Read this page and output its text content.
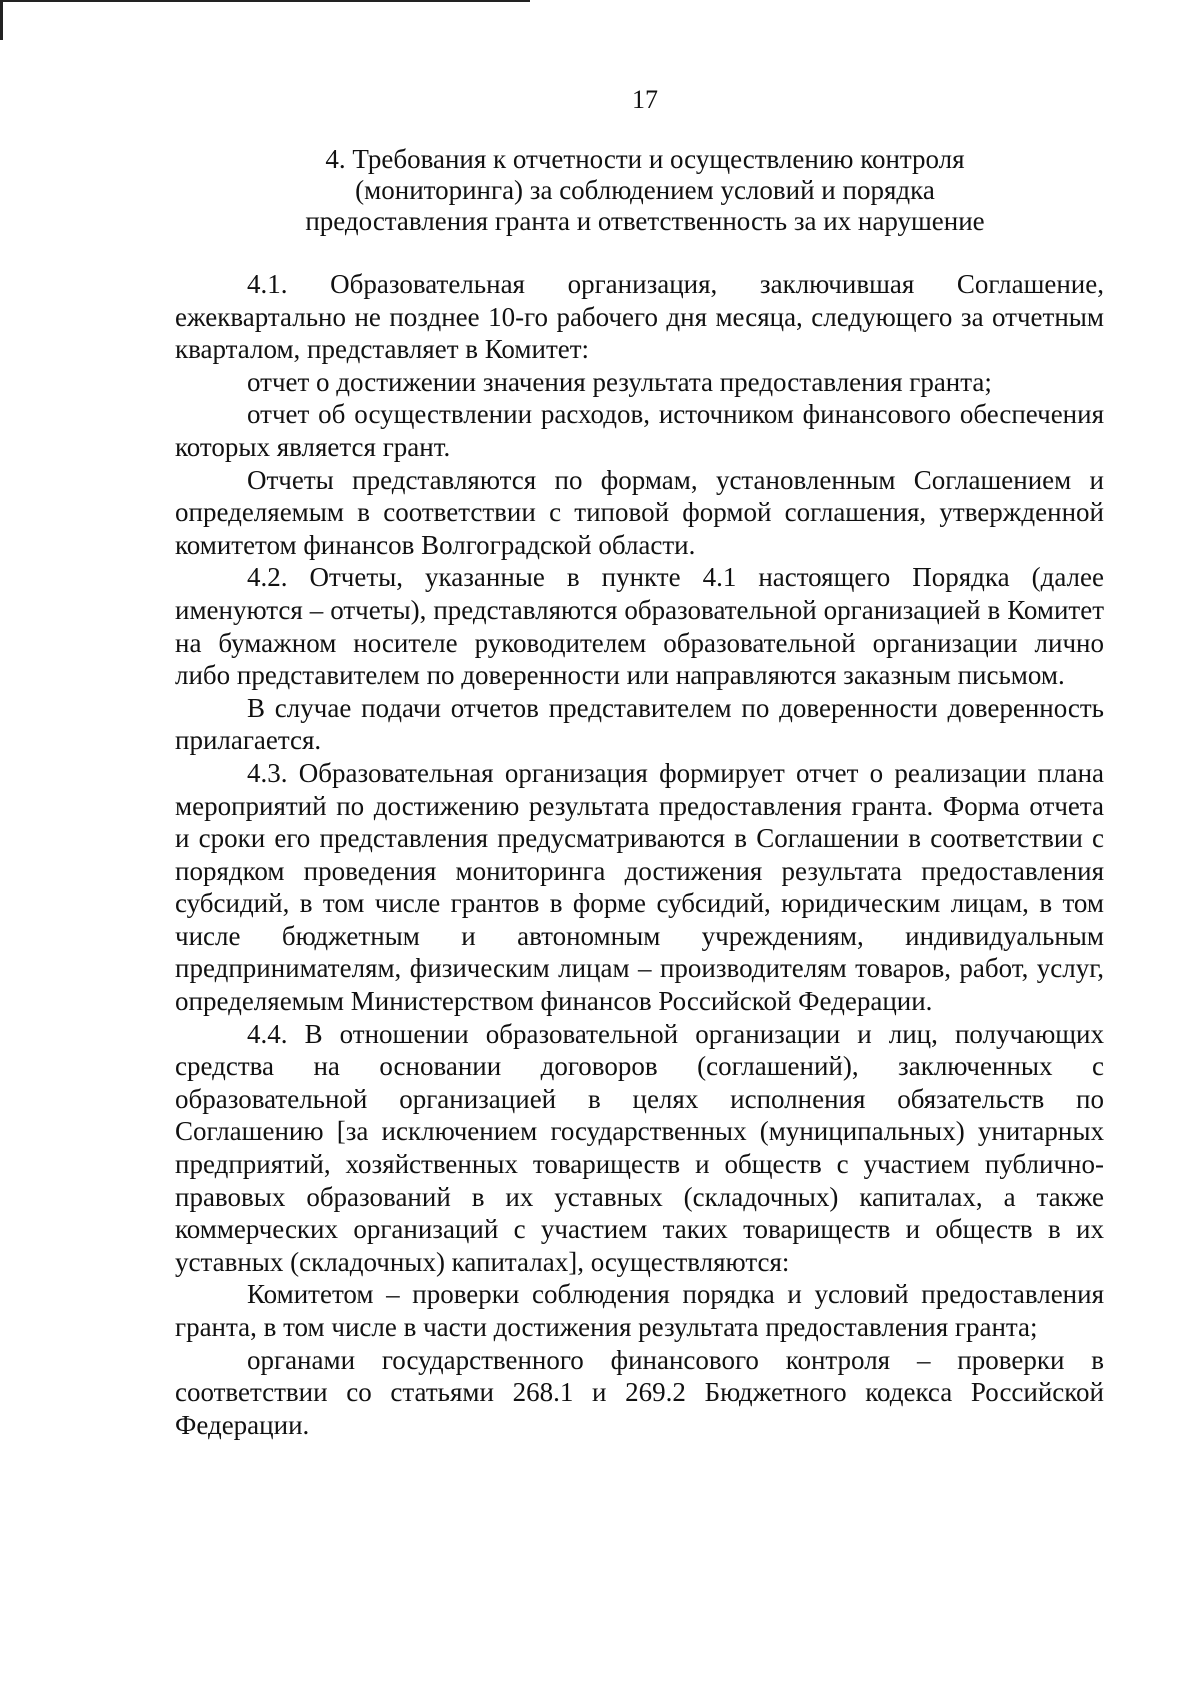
17
4. Требования к отчетности и осуществлению контроля
(мониторинга) за соблюдением условий и порядка
предоставления гранта и ответственность за их нарушение

4.1. Образовательная организация, заключившая Соглашение, ежеквартально не позднее 10-го рабочего дня месяца, следующего за отчетным кварталом, представляет в Комитет:

отчет о достижении значения результата предоставления гранта;

отчет об осуществлении расходов, источником финансового обеспечения которых является грант.

Отчеты представляются по формам, установленным Соглашением и определяемым в соответствии с типовой формой соглашения, утвержденной комитетом финансов Волгоградской области.

4.2. Отчеты, указанные в пункте 4.1 настоящего Порядка (далее именуются – отчеты), представляются образовательной организацией в Комитет на бумажном носителе руководителем образовательной организации лично либо представителем по доверенности или направляются заказным письмом.

В случае подачи отчетов представителем по доверенности доверенность прилагается.

4.3. Образовательная организация формирует отчет о реализации плана мероприятий по достижению результата предоставления гранта. Форма отчета и сроки его представления предусматриваются в Соглашении в соответствии с порядком проведения мониторинга достижения результата предоставления субсидий, в том числе грантов в форме субсидий, юридическим лицам, в том числе бюджетным и автономным учреждениям, индивидуальным предпринимателям, физическим лицам – производителям товаров, работ, услуг, определяемым Министерством финансов Российской Федерации.

4.4. В отношении образовательной организации и лиц, получающих средства на основании договоров (соглашений), заключенных с образовательной организацией в целях исполнения обязательств по Соглашению [за исключением государственных (муниципальных) унитарных предприятий, хозяйственных товариществ и обществ с участием публично-правовых образований в их уставных (складочных) капиталах, а также коммерческих организаций с участием таких товариществ и обществ в их уставных (складочных) капиталах], осуществляются:

Комитетом – проверки соблюдения порядка и условий предоставления гранта, в том числе в части достижения результата предоставления гранта;

органами государственного финансового контроля – проверки в соответствии со статьями 268.1 и 269.2 Бюджетного кодекса Российской Федерации.
